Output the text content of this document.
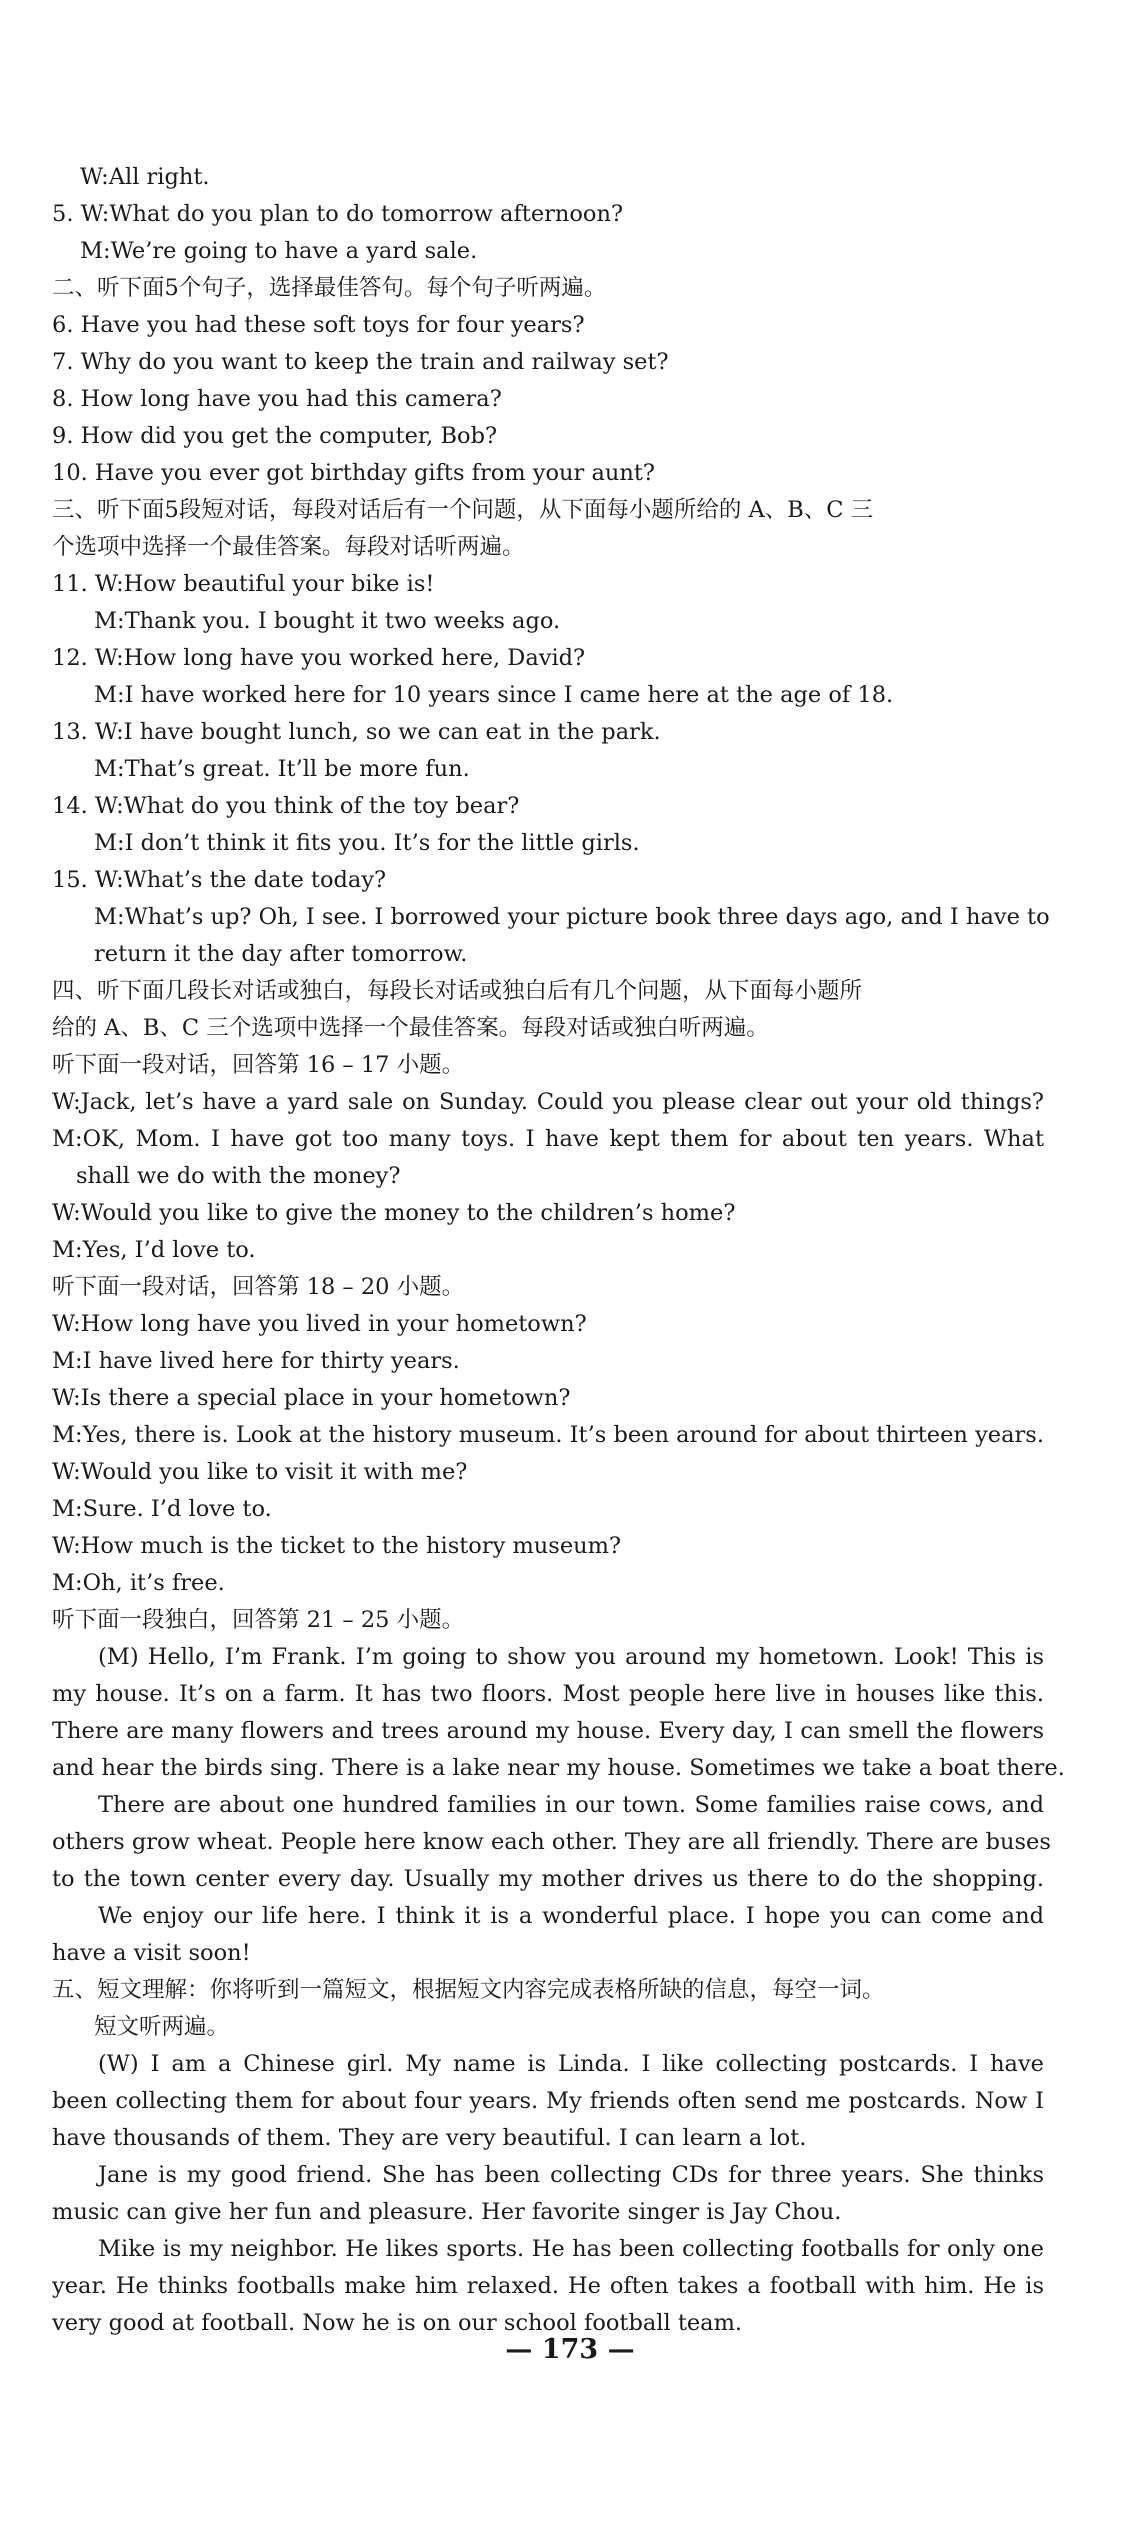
W:All right.
5. W:What do you plan to do tomorrow afternoon?
M:We’re going to have a yard sale.
二、听下面5个句子，选择最佳答句。每个句子听两遍。
6. Have you had these soft toys for four years?
7. Why do you want to keep the train and railway set?
8. How long have you had this camera?
9. How did you get the computer, Bob?
10. Have you ever got birthday gifts from your aunt?
三、听下面5段短对话，每段对话后有一个问题，从下面每小题所给的 A、B、C 三
个选项中选择一个最佳答案。每段对话听两遍。
11. W:How beautiful your bike is!
M:Thank you. I bought it two weeks ago.
12. W:How long have you worked here, David?
M:I have worked here for 10 years since I came here at the age of 18.
13. W:I have bought lunch, so we can eat in the park.
M:That’s great. It’ll be more fun.
14. W:What do you think of the toy bear?
M:I don’t think it fits you. It’s for the little girls.
15. W:What’s the date today?
M:What’s up? Oh, I see. I borrowed your picture book three days ago, and I have to
return it the day after tomorrow.
四、听下面几段长对话或独白，每段长对话或独白后有几个问题，从下面每小题所
给的 A、B、C 三个选项中选择一个最佳答案。每段对话或独白听两遍。
听下面一段对话，回答第 16 – 17 小题。
W:Jack, let’s have a yard sale on Sunday. Could you please clear out your old things?
M:OK, Mom. I have got too many toys. I have kept them for about ten years. What
shall we do with the money?
W:Would you like to give the money to the children’s home?
M:Yes, I’d love to.
听下面一段对话，回答第 18 – 20 小题。
W:How long have you lived in your hometown?
M:I have lived here for thirty years.
W:Is there a special place in your hometown?
M:Yes, there is. Look at the history museum. It’s been around for about thirteen years.
W:Would you like to visit it with me?
M:Sure. I’d love to.
W:How much is the ticket to the history museum?
M:Oh, it’s free.
听下面一段独白，回答第 21 – 25 小题。
(M) Hello, I’m Frank. I’m going to show you around my hometown. Look! This is
my house. It’s on a farm. It has two floors. Most people here live in houses like this.
There are many flowers and trees around my house. Every day, I can smell the flowers
and hear the birds sing. There is a lake near my house. Sometimes we take a boat there.
There are about one hundred families in our town. Some families raise cows, and
others grow wheat. People here know each other. They are all friendly. There are buses
to the town center every day. Usually my mother drives us there to do the shopping.
We enjoy our life here. I think it is a wonderful place. I hope you can come and
have a visit soon!
五、短文理解：你将听到一篇短文，根据短文内容完成表格所缺的信息，每空一词。
短文听两遍。
(W) I am a Chinese girl. My name is Linda. I like collecting postcards. I have
been collecting them for about four years. My friends often send me postcards. Now I
have thousands of them. They are very beautiful. I can learn a lot.
Jane is my good friend. She has been collecting CDs for three years. She thinks
music can give her fun and pleasure. Her favorite singer is Jay Chou.
Mike is my neighbor. He likes sports. He has been collecting footballs for only one
year. He thinks footballs make him relaxed. He often takes a football with him. He is
very good at football. Now he is on our school football team.
— 173 —
